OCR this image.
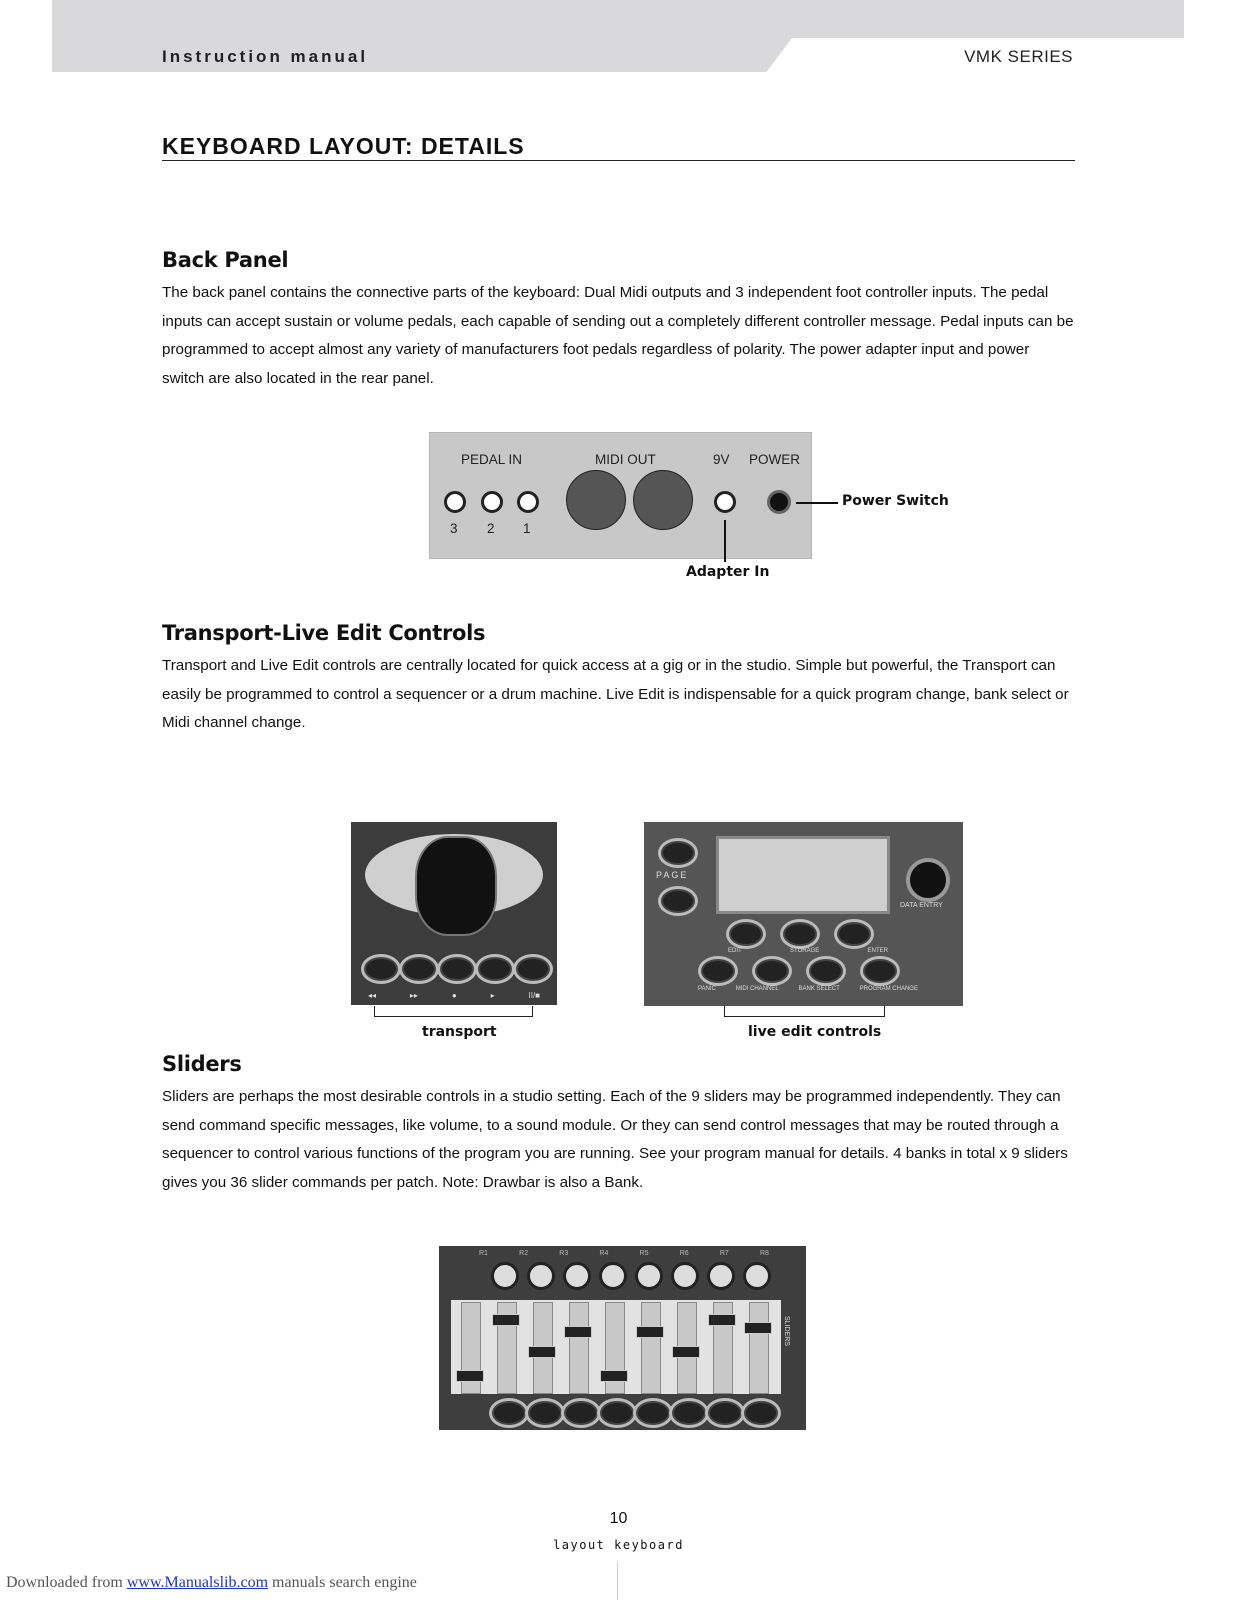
Instruction manual	VMK SERIES
KEYBOARD LAYOUT: DETAILS
Back Panel

The back panel contains the connective parts of the keyboard: Dual Midi outputs and 3 independent foot controller inputs. The pedal inputs can accept sustain or volume pedals, each capable of sending out a completely different controller message. Pedal inputs can be programmed to accept almost any variety of manufacturers foot pedals regardless of polarity. The power adapter input and power switch are also located in the rear panel.

PEDAL IN	MIDI OUT	9V POWER
3 2 1
Power Switch
Adapter In
Transport-Live Edit Controls

Transport and Live Edit controls are centrally located for quick access at a gig or in the studio. Simple but powerful, the Transport can easily be programmed to control a sequencer or a drum machine. Live Edit is indispensable for a quick program change, bank select or Midi channel change.

◂◂	▸▸	●	▸	II/■
transport
PAGE
DATA ENTRY
EDIT	STORAGE	ENTER
PANIC	MIDI CHANNEL	BANK SELECT	PROGRAM CHANGE
live edit controls
Sliders

Sliders are perhaps the most desirable controls in a studio setting. Each of the 9 sliders may be programmed independently. They can send command specific messages, like volume, to a sound module. Or they can send control messages that may be routed through a sequencer to control various functions of the program you are running. See your program manual for details. 4 banks in total x 9 sliders gives you 36 slider commands per patch. Note: Drawbar is also a Bank.

R1	R2	R3	R4	R5	R6	R7	R8
SLIDERS
10
layout keyboard
Downloaded from www.Manualslib.com manuals search engine
